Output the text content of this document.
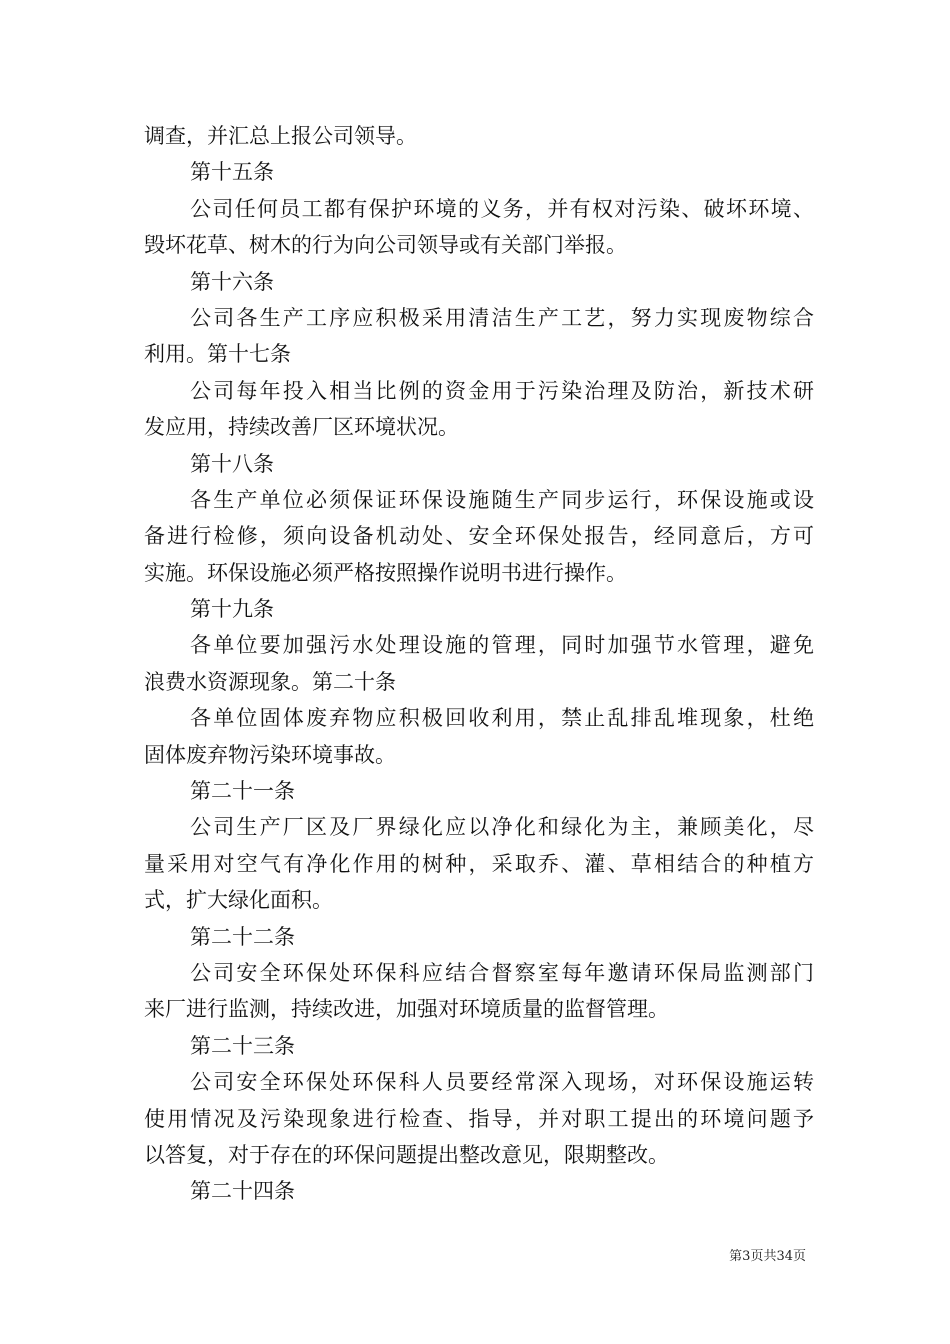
调查，并汇总上报公司领导。
第十五条
公司任何员工都有保护环境的义务，并有权对污染、破坏环境、
毁坏花草、树木的行为向公司领导或有关部门举报。
第十六条
公司各生产工序应积极采用清洁生产工艺，努力实现废物综合
利用。第十七条
公司每年投入相当比例的资金用于污染治理及防治，新技术研
发应用，持续改善厂区环境状况。
第十八条
各生产单位必须保证环保设施随生产同步运行，环保设施或设
备进行检修，须向设备机动处、安全环保处报告，经同意后，方可
实施。环保设施必须严格按照操作说明书进行操作。
第十九条
各单位要加强污水处理设施的管理，同时加强节水管理，避免
浪费水资源现象。第二十条
各单位固体废弃物应积极回收利用，禁止乱排乱堆现象，杜绝
固体废弃物污染环境事故。
第二十一条
公司生产厂区及厂界绿化应以净化和绿化为主，兼顾美化，尽
量采用对空气有净化作用的树种，采取乔、灌、草相结合的种植方
式，扩大绿化面积。
第二十二条
公司安全环保处环保科应结合督察室每年邀请环保局监测部门
来厂进行监测，持续改进，加强对环境质量的监督管理。
第二十三条
公司安全环保处环保科人员要经常深入现场，对环保设施运转
使用情况及污染现象进行检查、指导，并对职工提出的环境问题予
以答复，对于存在的环保问题提出整改意见，限期整改。
第二十四条
第3页共34页
